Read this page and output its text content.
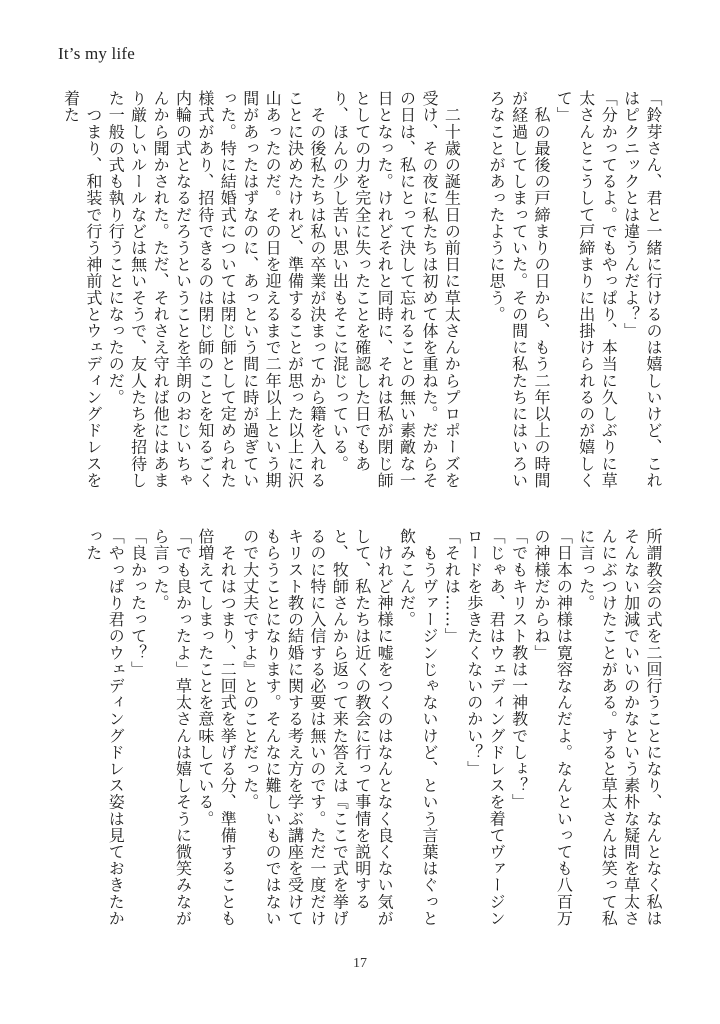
It’s my life

「鈴芽さん、君と一緒に行けるのは嬉しいけど、これはピクニックとは違うんだよ？」

「分かってるよ。でもやっぱり、本当に久しぶりに草太さんとこうして戸締まりに出掛けられるのが嬉しくて」

　私の最後の戸締まりの日から、もう二年以上の時間が経過してしまっていた。その間に私たちにはいろいろなことがあったように思う。

　二十歳の誕生日の前日に草太さんからプロポーズを受け、その夜に私たちは初めて体を重ねた。だからその日は、私にとって決して忘れることの無い素敵な一日となった。けれどそれと同時に、それは私が閉じ師としての力を完全に失ったことを確認した日でもあり、ほんの少し苦い思い出もそこに混じっている。

　その後私たちは私の卒業が決まってから籍を入れることに決めたけれど、準備することが思った以上に沢山あったのだ。その日を迎えるまで二年以上という期間があったはずなのに、あっという間に時が過ぎていった。特に結婚式については閉じ師として定められた様式があり、招待できるのは閉じ師のことを知るごく内輪の式となるだろうということを羊朗のおじいちゃんから聞かされた。ただ、それさえ守れば他にはあまり厳しいルールなどは無いそうで、友人たちを招待した一般の式も執り行うことになったのだ。

　つまり、和装で行う神前式とウェディングドレスを着た

所謂教会の式を二回行うことになり、なんとなく私はそんない加減でいいのかなという素朴な疑問を草太さんにぶつけたことがある。すると草太さんは笑って私に言った。

「日本の神様は寛容なんだよ。なんといっても八百万の神様だからね」

「でもキリスト教は一神教でしょ？」

「じゃあ、君はウェディングドレスを着てヴァージンロードを歩きたくないのかい？」

「それは……」

　もうヴァージンじゃないけど、という言葉はぐっと飲みこんだ。

　けれど神様に嘘をつくのはなんとなく良くない気がして、私たちは近くの教会に行って事情を説明すると、牧師さんから返って来た答えは『ここで式を挙げるのに特に入信する必要は無いのです。ただ一度だけキリスト教の結婚に関する考え方を学ぶ講座を受けてもらうことになります。そんなに難しいものではないので大丈夫ですよ』とのことだった。

　それはつまり、二回式を挙げる分、準備することも倍増えてしまったことを意味している。

「でも良かったよ」草太さんは嬉しそうに微笑みながら言った。

「良かったって？」

「やっぱり君のウェディングドレス姿は見ておきたかった

17
